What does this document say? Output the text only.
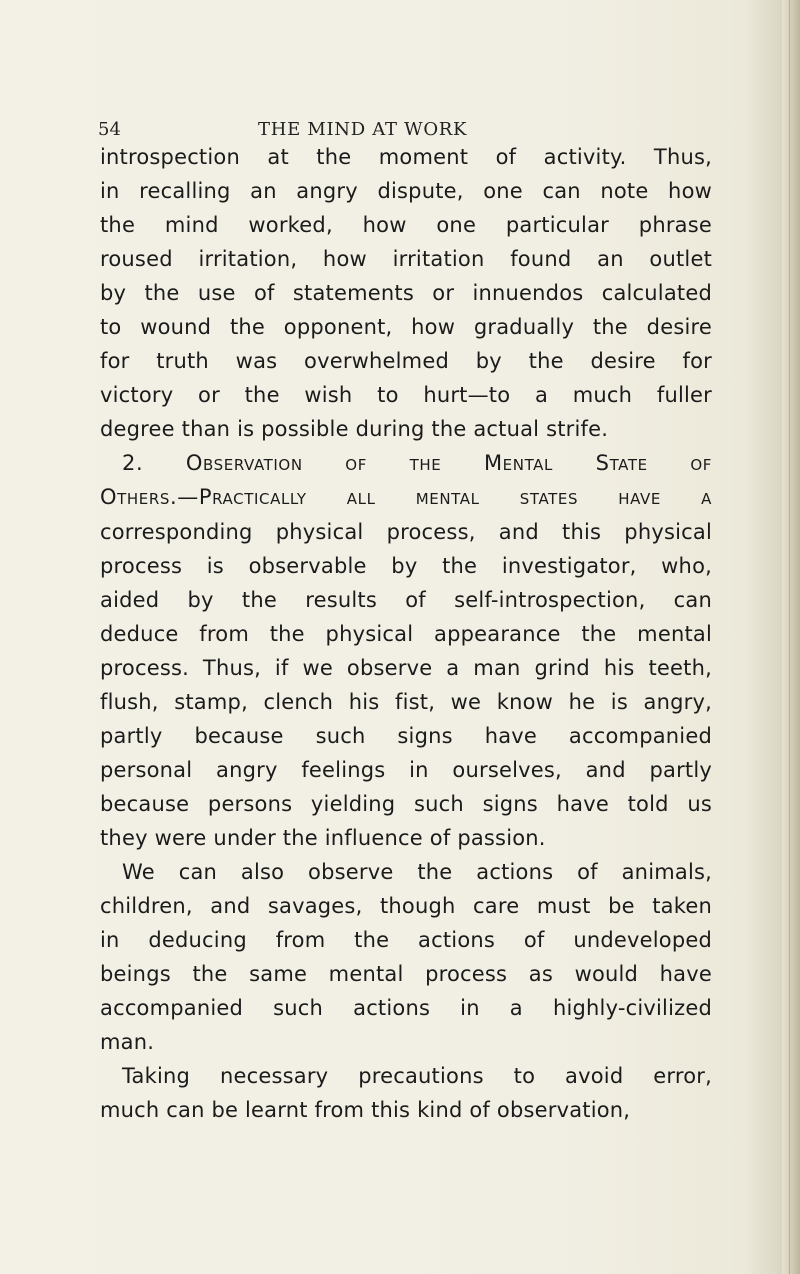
54	THE MIND AT WORK
introspection at the moment of activity. Thus,
in recalling an angry dispute, one can note how
the mind worked, how one particular phrase
roused irritation, how irritation found an outlet
by the use of statements or innuendos calculated
to wound the opponent, how gradually the desire
for truth was overwhelmed by the desire for
victory or the wish to hurt—to a much fuller
degree than is possible during the actual strife.
2. Observation of the Mental State of
Others.—Practically all mental states have a
corresponding physical process, and this physical
process is observable by the investigator, who,
aided by the results of self-introspection, can
deduce from the physical appearance the mental
process. Thus, if we observe a man grind his teeth,
flush, stamp, clench his fist, we know he is angry,
partly because such signs have accompanied
personal angry feelings in ourselves, and partly
because persons yielding such signs have told us
they were under the influence of passion.
We can also observe the actions of animals,
children, and savages, though care must be taken
in deducing from the actions of undeveloped
beings the same mental process as would have
accompanied such actions in a highly-civilized
man.
Taking necessary precautions to avoid error,
much can be learnt from this kind of observation,
